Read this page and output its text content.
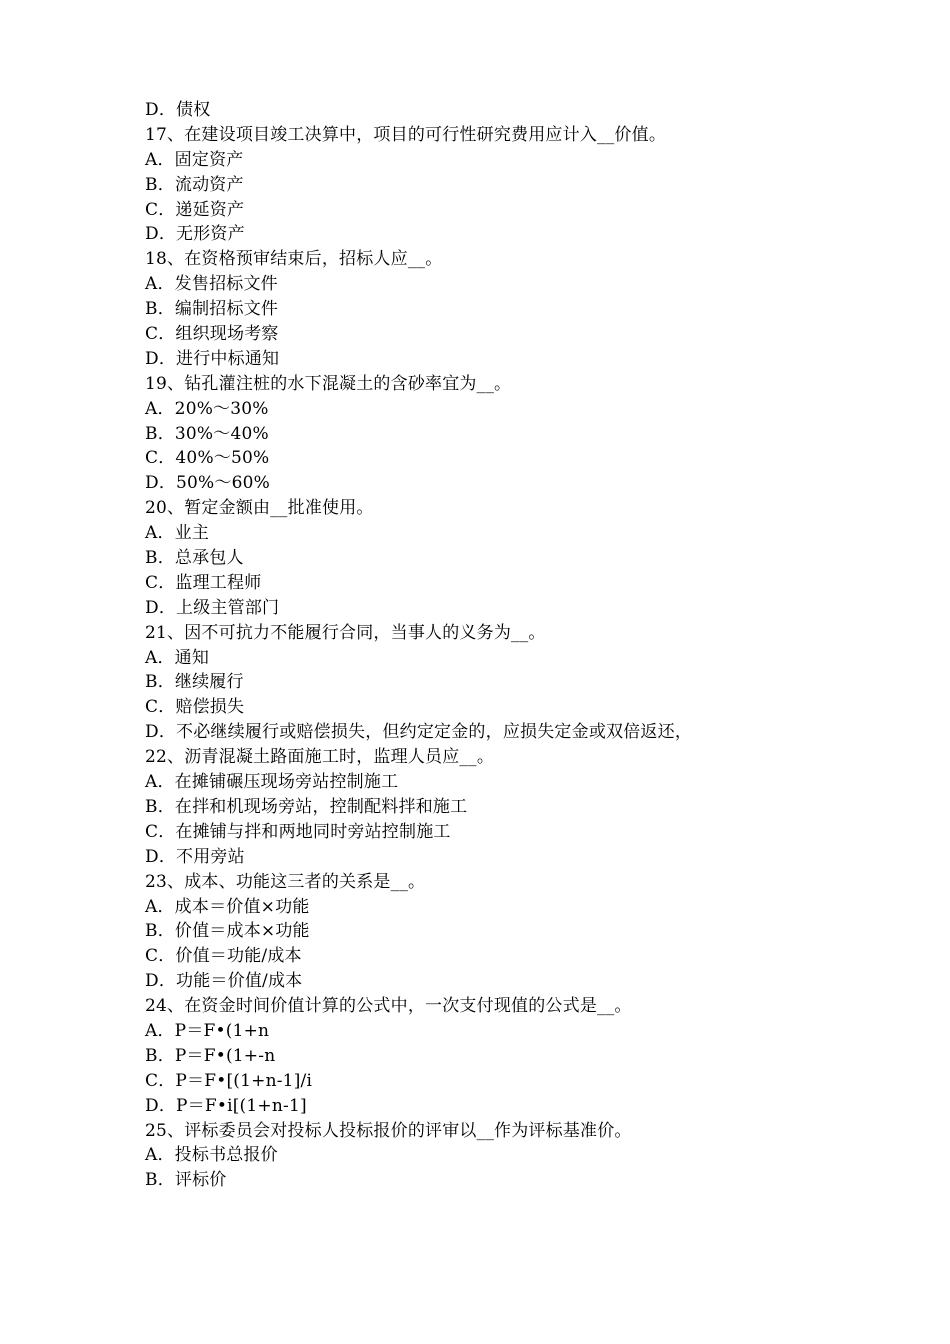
D．债权
17、在建设项目竣工决算中，项目的可行性研究费用应计入__价值。
A．固定资产
B．流动资产
C．递延资产
D．无形资产
18、在资格预审结束后，招标人应__。
A．发售招标文件
B．编制招标文件
C．组织现场考察
D．进行中标通知
19、钻孔灌注桩的水下混凝土的含砂率宜为__。
A．20%～30%
B．30%～40%
C．40%～50%
D．50%～60%
20、暂定金额由__批准使用。
A．业主
B．总承包人
C．监理工程师
D．上级主管部门
21、因不可抗力不能履行合同，当事人的义务为__。
A．通知
B．继续履行
C．赔偿损失
D．不必继续履行或赔偿损失，但约定定金的，应损失定金或双倍返还，
22、沥青混凝土路面施工时，监理人员应__。
A．在摊铺碾压现场旁站控制施工
B．在拌和机现场旁站，控制配料拌和施工
C．在摊铺与拌和两地同时旁站控制施工
D．不用旁站
23、成本、功能这三者的关系是__。
A．成本＝价值×功能
B．价值＝成本×功能
C．价值＝功能/成本
D．功能＝价值/成本
24、在资金时间价值计算的公式中，一次支付现值的公式是__。
A．P＝F•(1+n
B．P＝F•(1+-n
C．P＝F•[(1+n-1]/i
D．P＝F•i[(1+n-1]
25、评标委员会对投标人投标报价的评审以__作为评标基准价。
A．投标书总报价
B．评标价
